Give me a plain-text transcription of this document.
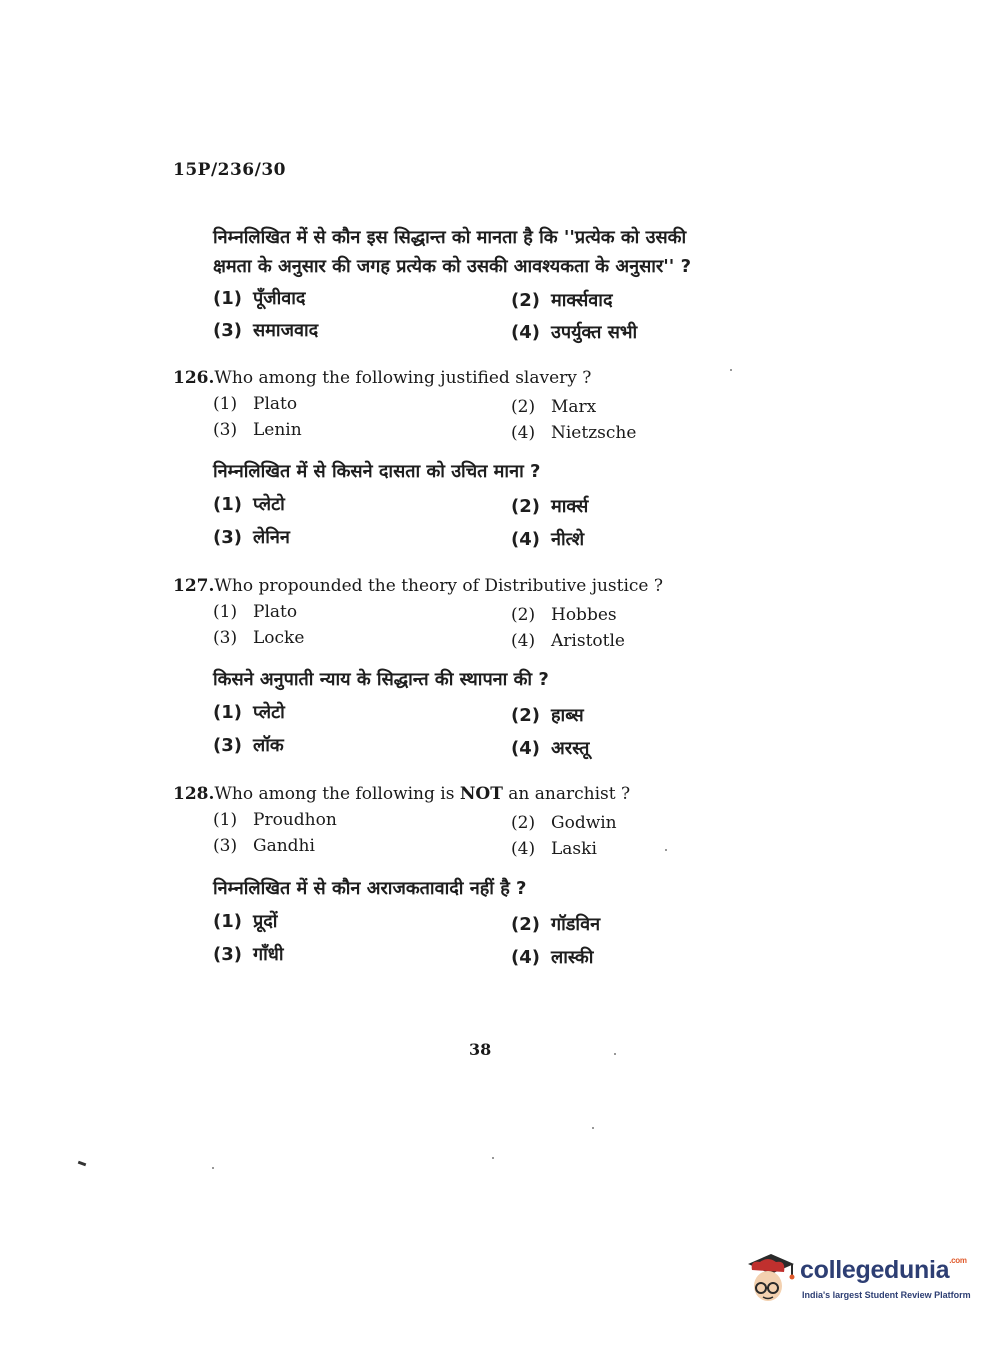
15P/236/30
निम्नलिखित में से कौन इस सिद्धान्त को मानता है कि ''प्रत्येक को उसकी
क्षमता के अनुसार की जगह प्रत्येक को उसकी आवश्यकता के अनुसार'' ?
(1) पूँजीवाद	(2) मार्क्सवाद
(3) समाजवाद	(4) उपर्युक्त सभी
126.Who among the following justified slavery ?
(1) Plato	(2) Marx
(3) Lenin	(4) Nietzsche
निम्नलिखित में से किसने दासता को उचित माना ?
(1) प्लेटो	(2) मार्क्स
(3) लेनिन	(4) नीत्शे
127.Who propounded the theory of Distributive justice ?
(1) Plato	(2) Hobbes
(3) Locke	(4) Aristotle
किसने अनुपाती न्याय के सिद्धान्त की स्थापना की ?
(1) प्लेटो	(2) हाब्स
(3) लॉक	(4) अरस्तू
128.Who among the following is NOT an anarchist ?
(1) Proudhon	(2) Godwin
(3) Gandhi	(4) Laski
निम्नलिखित में से कौन अराजकतावादी नहीं है ?
(1) प्रूदों	(2) गॉडविन
(3) गाँधी	(4) लास्की
38
collegedunia$^{.com}$
India's largest Student Review Platform
